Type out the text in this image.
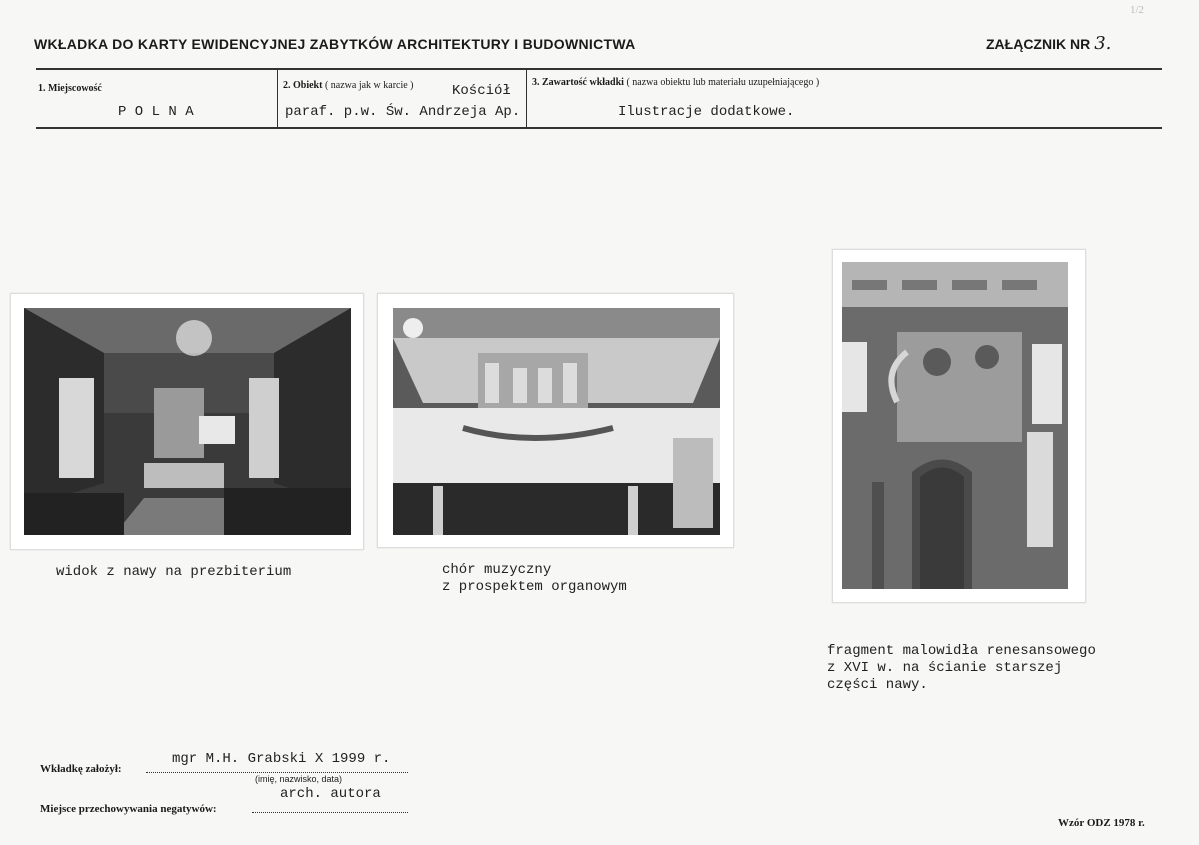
WKŁADKA DO KARTY EWIDENCYJNEJ ZABYTKÓW ARCHITEKTURY I BUDOWNICTWA	ZAŁĄCZNIK NR 3.
1/2
1. Miejscowość
P O L N A
2. Obiekt ( nazwa jak w karcie )	Kościół
paraf. p.w. Św. Andrzeja Ap.
3. Zawartość wkładki ( nazwa obiektu lub materiału uzupełniającego )
Ilustracje dodatkowe.
widok z nawy na prezbiterium	chór muzyczny
z prospektem organowym
fragment malowidła renesansowego
z XVI w. na ścianie starszej
części nawy.
Wkładkę założył:
mgr M.H. Grabski X 1999 r.
(imię, nazwisko, data)
Miejsce przechowywania negatywów:
arch. autora
Wzór ODZ 1978 r.
